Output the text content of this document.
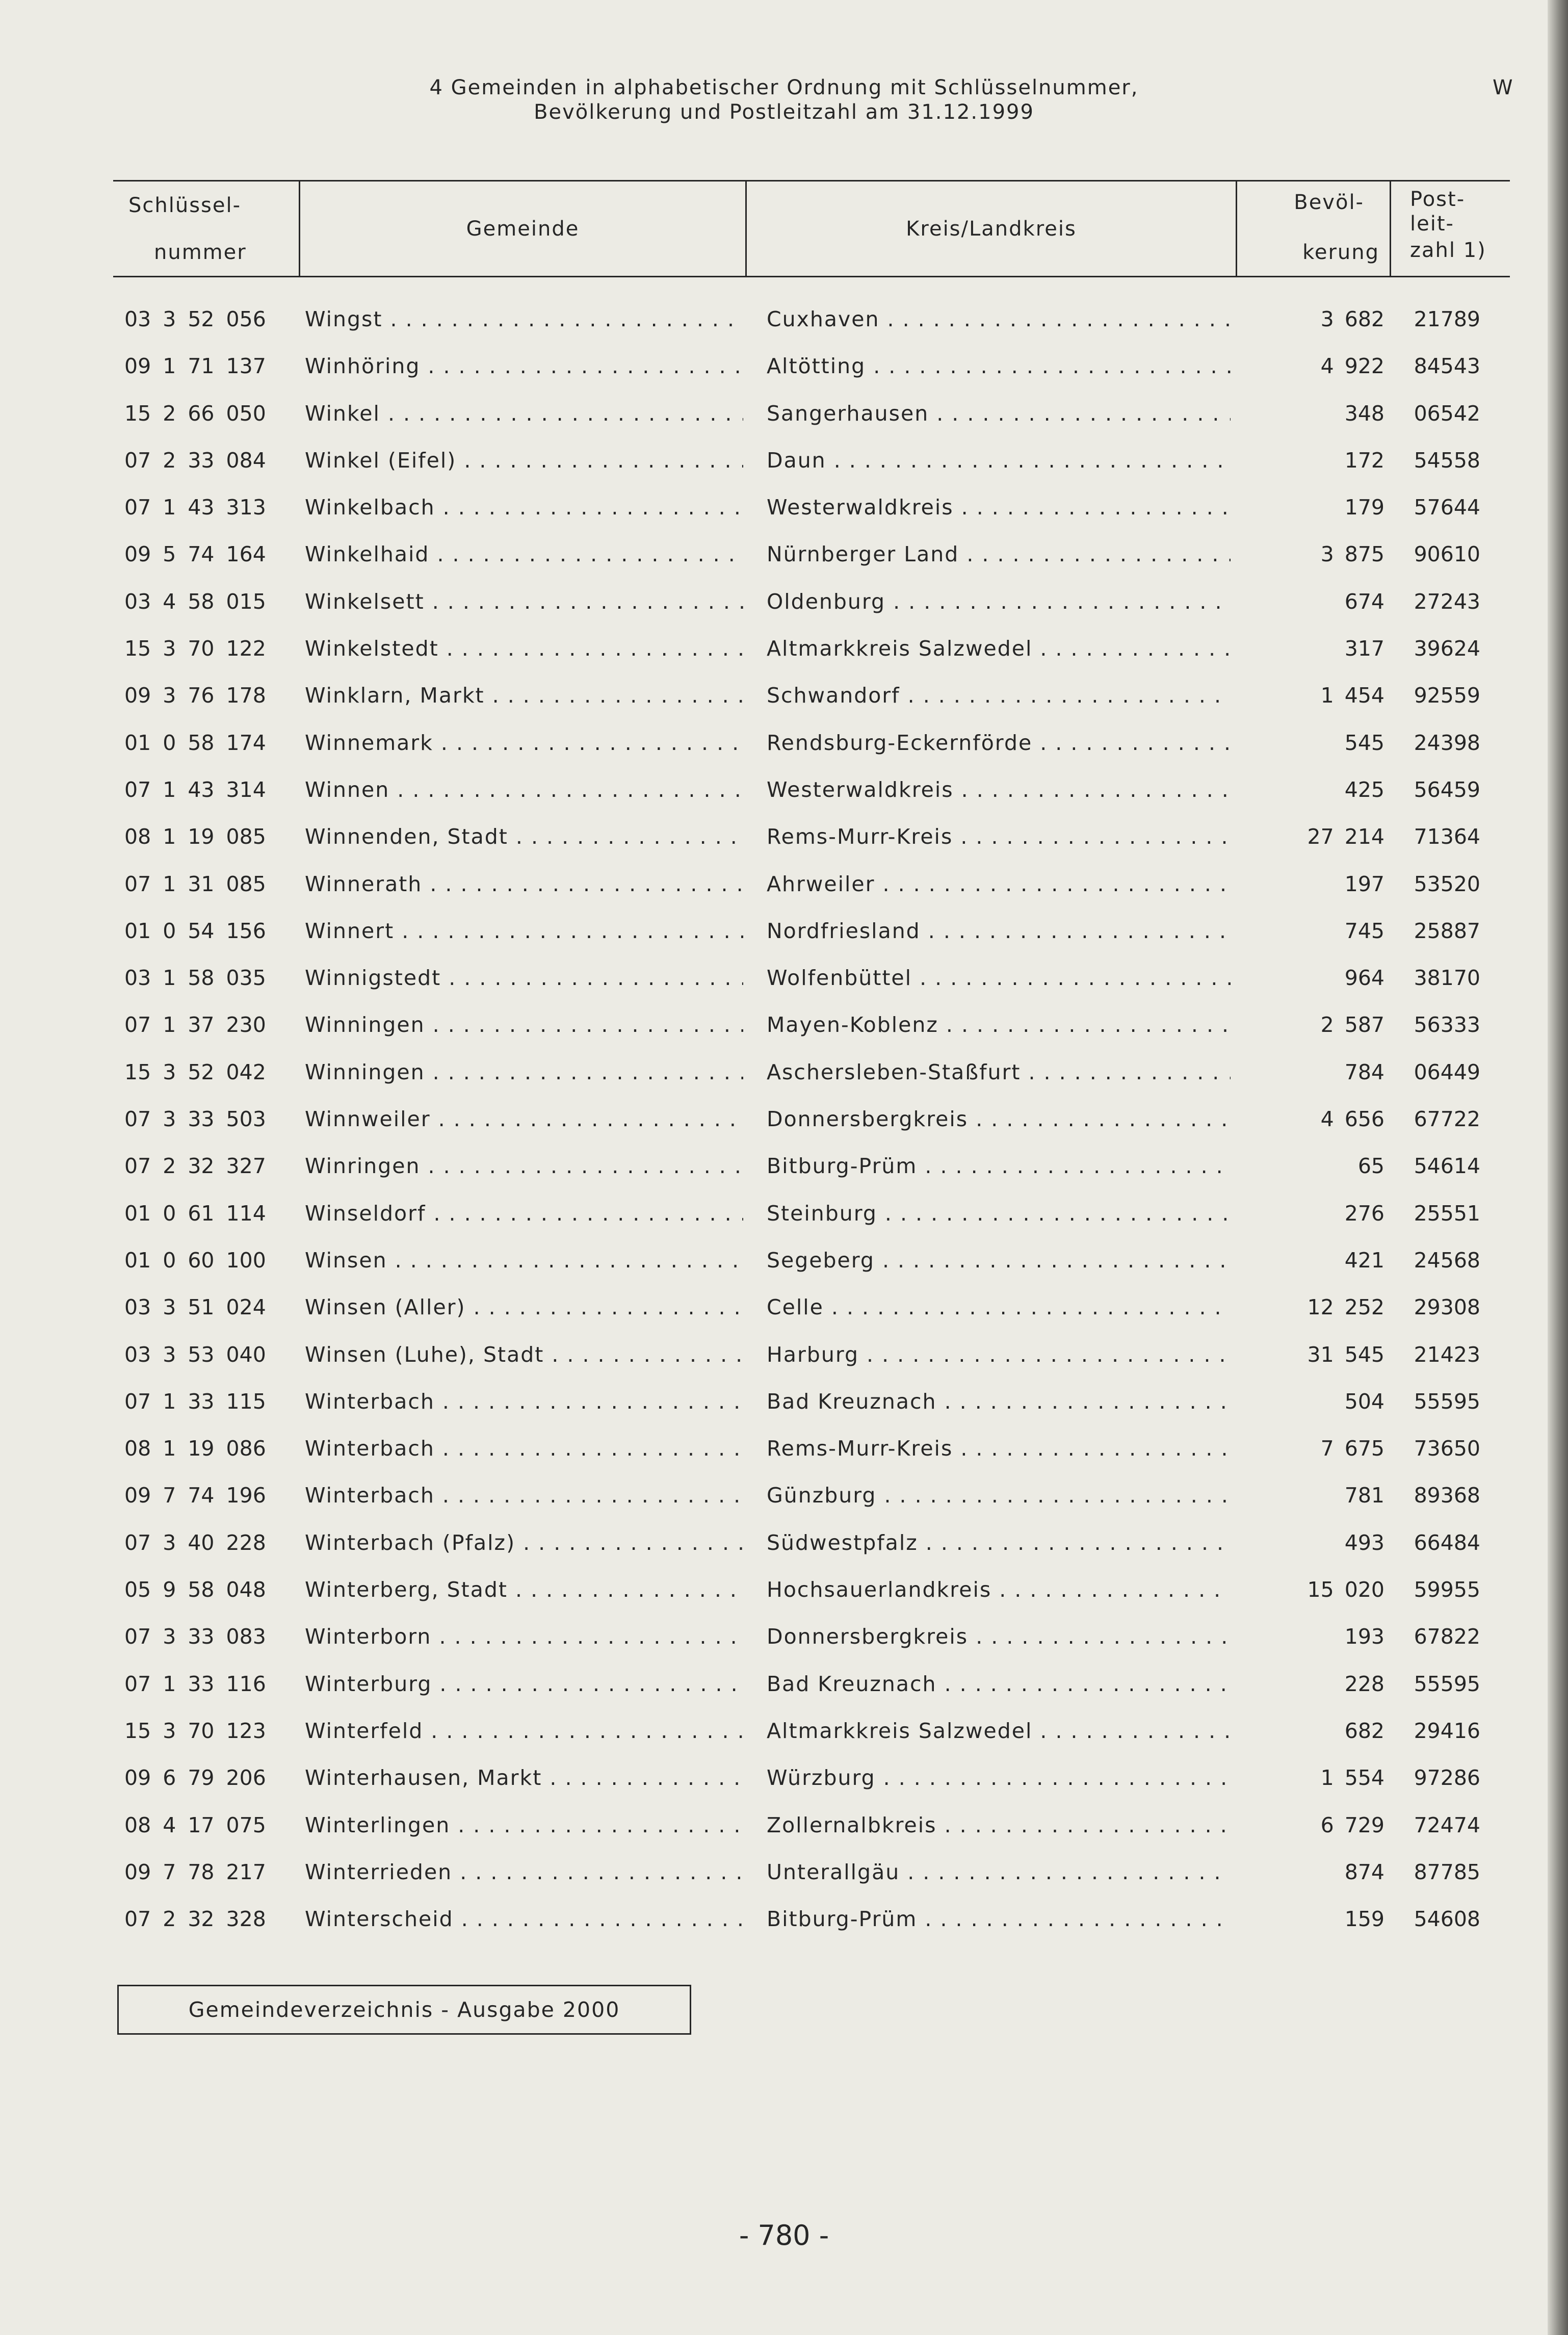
4 Gemeinden in alphabetischer Ordnung mit Schlüsselnummer,
Bevölkerung und Postleitzahl am 31.12.1999
W
Schlüssel-
nummer
Gemeinde	Kreis/Landkreis
Bevöl-
kerung
Post-
leit-
zahl 1)
03 3 52 056	Wingst . . .	Cuxhaven . . .	3 682	21789
09 1 71 137	Winhöring . . .	Altötting . . .	4 922	84543
15 2 66 050	Winkel . . .	Sangerhausen . . .	348	06542
07 2 33 084	Winkel (Eifel) . . .	Daun . . .	172	54558
07 1 43 313	Winkelbach . . .	Westerwaldkreis . . .	179	57644
09 5 74 164	Winkelhaid . . .	Nürnberger Land . . .	3 875	90610
03 4 58 015	Winkelsett . . .	Oldenburg . . .	674	27243
15 3 70 122	Winkelstedt . . .	Altmarkkreis Salzwedel . . .	317	39624
09 3 76 178	Winklarn, Markt . . .	Schwandorf . . .	1 454	92559
01 0 58 174	Winnemark . . .	Rendsburg-Eckernförde . . .	545	24398
07 1 43 314	Winnen . . .	Westerwaldkreis . . .	425	56459
08 1 19 085	Winnenden, Stadt . . .	Rems-Murr-Kreis . . .	27 214	71364
07 1 31 085	Winnerath . . .	Ahrweiler . . .	197	53520
01 0 54 156	Winnert . . .	Nordfriesland . . .	745	25887
03 1 58 035	Winnigstedt . . .	Wolfenbüttel . . .	964	38170
07 1 37 230	Winningen . . .	Mayen-Koblenz . . .	2 587	56333
15 3 52 042	Winningen . . .	Aschersleben-Staßfurt . . .	784	06449
07 3 33 503	Winnweiler . . .	Donnersbergkreis . . .	4 656	67722
07 2 32 327	Winringen . . .	Bitburg-Prüm . . .	65	54614
01 0 61 114	Winseldorf . . .	Steinburg . . .	276	25551
01 0 60 100	Winsen . . .	Segeberg . . .	421	24568
03 3 51 024	Winsen (Aller) . . .	Celle . . .	12 252	29308
03 3 53 040	Winsen (Luhe), Stadt . . .	Harburg . . .	31 545	21423
07 1 33 115	Winterbach . . .	Bad Kreuznach . . .	504	55595
08 1 19 086	Winterbach . . .	Rems-Murr-Kreis . . .	7 675	73650
09 7 74 196	Winterbach . . .	Günzburg . . .	781	89368
07 3 40 228	Winterbach (Pfalz) . . .	Südwestpfalz . . .	493	66484
05 9 58 048	Winterberg, Stadt . . .	Hochsauerlandkreis . . .	15 020	59955
07 3 33 083	Winterborn . . .	Donnersbergkreis . . .	193	67822
07 1 33 116	Winterburg . . .	Bad Kreuznach . . .	228	55595
15 3 70 123	Winterfeld . . .	Altmarkkreis Salzwedel . . .	682	29416
09 6 79 206	Winterhausen, Markt . . .	Würzburg . . .	1 554	97286
08 4 17 075	Winterlingen . . .	Zollernalbkreis . . .	6 729	72474
09 7 78 217	Winterrieden . . .	Unterallgäu . . .	874	87785
07 2 32 328	Winterscheid . . .	Bitburg-Prüm . . .	159	54608
Gemeindeverzeichnis - Ausgabe 2000
- 780 -
